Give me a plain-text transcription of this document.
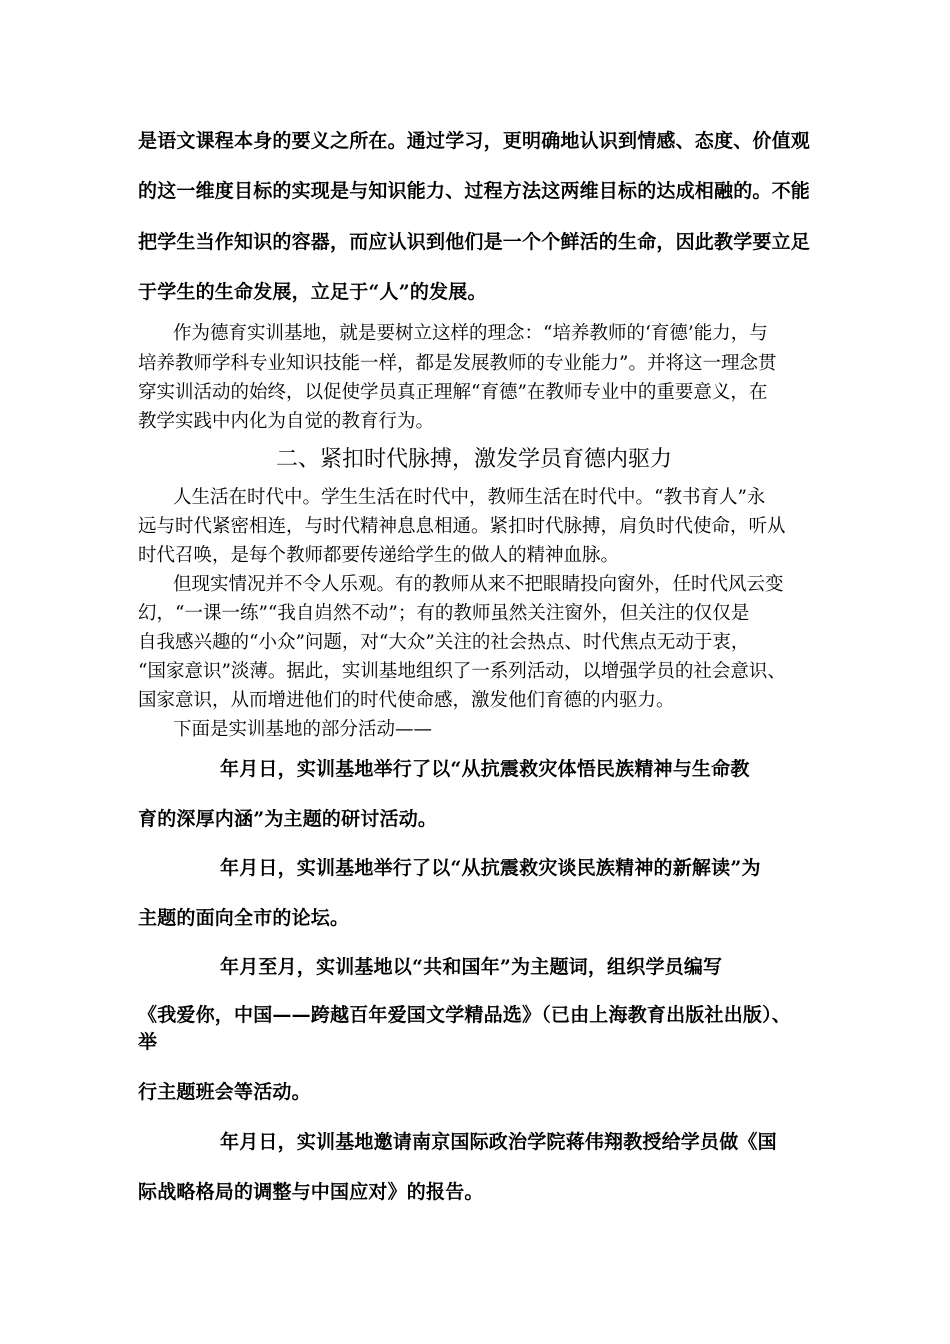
是语文课程本身的要义之所在。通过学习，更明确地认识到情感、态度、价值观

的这一维度目标的实现是与知识能力、过程方法这两维目标的达成相融的。不能

把学生当作知识的容器，而应认识到他们是一个个鲜活的生命，因此教学要立足

于学生的生命发展，立足于“人”的发展。

作为德育实训基地，就是要树立这样的理念：“培养教师的‘育德’能力，与

培养教师学科专业知识技能一样，都是发展教师的专业能力”。并将这一理念贯

穿实训活动的始终，以促使学员真正理解“育德”在教师专业中的重要意义，在

教学实践中内化为自觉的教育行为。

二、紧扣时代脉搏，激发学员育德内驱力

人生活在时代中。学生生活在时代中，教师生活在时代中。“教书育人”永

远与时代紧密相连，与时代精神息息相通。紧扣时代脉搏，肩负时代使命，听从

时代召唤，是每个教师都要传递给学生的做人的精神血脉。

但现实情况并不令人乐观。有的教师从来不把眼睛投向窗外，任时代风云变

幻，“一课一练”“我自岿然不动”；有的教师虽然关注窗外，但关注的仅仅是

自我感兴趣的“小众”问题，对“大众”关注的社会热点、时代焦点无动于衷，

“国家意识”淡薄。据此，实训基地组织了一系列活动，以增强学员的社会意识、

国家意识，从而增进他们的时代使命感，激发他们育德的内驱力。

下面是实训基地的部分活动——

年月日，实训基地举行了以“从抗震救灾体悟民族精神与生命教

育的深厚内涵”为主题的研讨活动。

年月日，实训基地举行了以“从抗震救灾谈民族精神的新解读”为

主题的面向全市的论坛。

年月至月，实训基地以“共和国年”为主题词，组织学员编写

《我爱你，中国——跨越百年爱国文学精品选》（已由上海教育出版社出版）、

举

行主题班会等活动。

年月日，实训基地邀请南京国际政治学院蒋伟翔教授给学员做《国

际战略格局的调整与中国应对》的报告。
